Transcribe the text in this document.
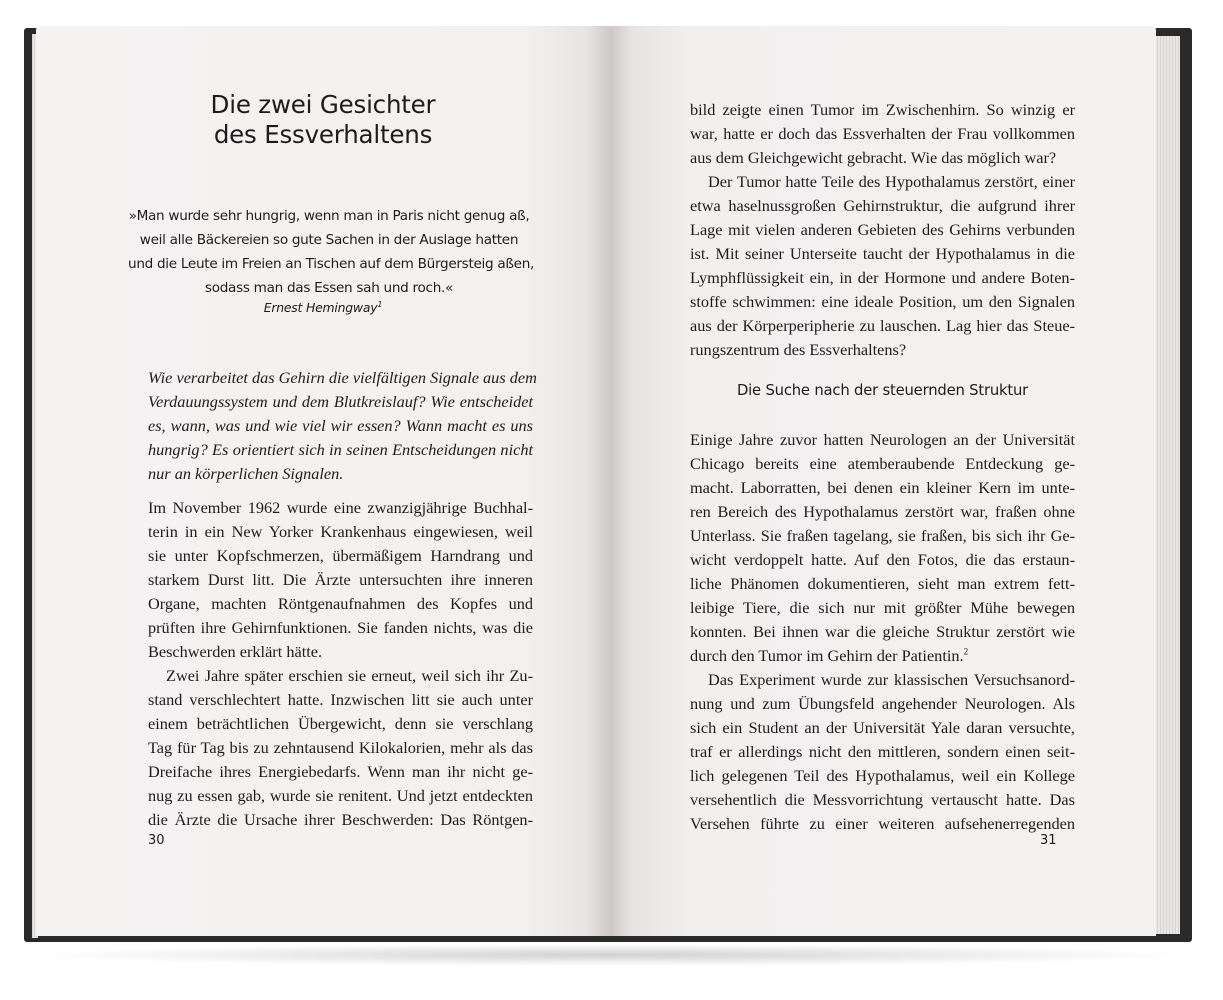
Die zwei Gesichter
des Essverhaltens
»Man wurde sehr hungrig, wenn man in Paris nicht genug aß,
weil alle Bäckereien so gute Sachen in der Auslage hatten
und die Leute im Freien an Tischen auf dem Bürgersteig aßen,
sodass man das Essen sah und roch.«
Ernest Hemingway$^1$
Wie verarbeitet das Gehirn die vielfältigen Signale aus dem
Verdauungssystem und dem Blutkreislauf? Wie entscheidet
es, wann, was und wie viel wir essen? Wann macht es uns
hungrig? Es orientiert sich in seinen Entscheidungen nicht
nur an körperlichen Signalen.
Im November 1962 wurde eine zwanzigjährige Buchhal-
terin in ein New Yorker Krankenhaus eingewiesen, weil
sie unter Kopfschmerzen, übermäßigem Harndrang und
starkem Durst litt. Die Ärzte untersuchten ihre inneren
Organe, machten Röntgenaufnahmen des Kopfes und
prüften ihre Gehirnfunktionen. Sie fanden nichts, was die
Beschwerden erklärt hätte.
Zwei Jahre später erschien sie erneut, weil sich ihr Zu-
stand verschlechtert hatte. Inzwischen litt sie auch unter
einem beträchtlichen Übergewicht, denn sie verschlang
Tag für Tag bis zu zehntausend Kilokalorien, mehr als das
Dreifache ihres Energiebedarfs. Wenn man ihr nicht ge-
nug zu essen gab, wurde sie renitent. Und jetzt entdeckten
die Ärzte die Ursache ihrer Beschwerden: Das Röntgen-
30
bild zeigte einen Tumor im Zwischenhirn. So winzig er
war, hatte er doch das Essverhalten der Frau vollkommen
aus dem Gleichgewicht gebracht. Wie das möglich war?
Der Tumor hatte Teile des Hypothalamus zerstört, einer
etwa haselnussgroßen Gehirnstruktur, die aufgrund ihrer
Lage mit vielen anderen Gebieten des Gehirns verbunden
ist. Mit seiner Unterseite taucht der Hypothalamus in die
Lymphflüssigkeit ein, in der Hormone und andere Boten-
stoffe schwimmen: eine ideale Position, um den Signalen
aus der Körperperipherie zu lauschen. Lag hier das Steue-
rungszentrum des Essverhaltens?
Die Suche nach der steuernden Struktur
Einige Jahre zuvor hatten Neurologen an der Universität
Chicago bereits eine atemberaubende Entdeckung ge-
macht. Laborratten, bei denen ein kleiner Kern im unte-
ren Bereich des Hypothalamus zerstört war, fraßen ohne
Unterlass. Sie fraßen tagelang, sie fraßen, bis sich ihr Ge-
wicht verdoppelt hatte. Auf den Fotos, die das erstaun-
liche Phänomen dokumentieren, sieht man extrem fett-
leibige Tiere, die sich nur mit größter Mühe bewegen
konnten. Bei ihnen war die gleiche Struktur zerstört wie
durch den Tumor im Gehirn der Patientin.$^2$
Das Experiment wurde zur klassischen Versuchsanord-
nung und zum Übungsfeld angehender Neurologen. Als
sich ein Student an der Universität Yale daran versuchte,
traf er allerdings nicht den mittleren, sondern einen seit-
lich gelegenen Teil des Hypothalamus, weil ein Kollege
versehentlich die Messvorrichtung vertauscht hatte. Das
Versehen führte zu einer weiteren aufsehenerregenden
31
